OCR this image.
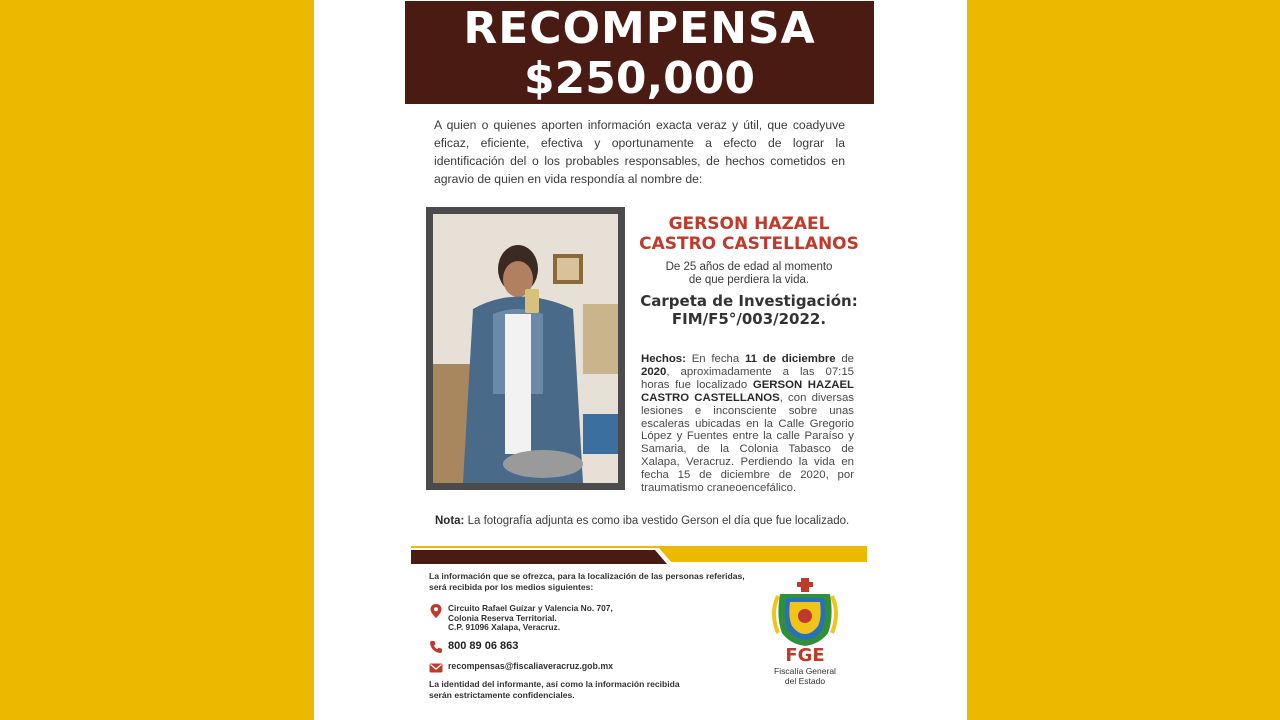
RECOMPENSA
$250,000
A quien o quienes aporten información exacta veraz y útil, que coadyuve eficaz, eficiente, efectiva y oportunamente a efecto de lograr la identificación del o los probables responsables, de hechos cometidos en agravio de quien en vida respondía al nombre de:
GERSON HAZAEL
CASTRO CASTELLANOS
De 25 años de edad al momento
de que perdiera la vida.
Carpeta de Investigación:
FIM/F5°/003/2022.
Hechos: En fecha 11 de diciembre de 2020, aproximadamente a las 07:15 horas fue localizado GERSON HAZAEL CASTRO CASTELLANOS, con diversas lesiones e inconsciente sobre unas escaleras ubicadas en la Calle Gregorio López y Fuentes entre la calle Paraíso y Samaria, de la Colonia Tabasco de Xalapa, Veracruz. Perdiendo la vida en fecha 15 de diciembre de 2020, por traumatismo craneoencefálico.
Nota: La fotografía adjunta es como iba vestido Gerson el día que fue localizado.
La información que se ofrezca, para la localización de las personas referidas,
será recibida por los medios siguientes:
Circuito Rafael Guízar y Valencia No. 707,
Colonia Reserva Territorial.
C.P. 91096 Xalapa, Veracruz.
800 89 06 863
recompensas@fiscaliaveracruz.gob.mx
La identidad del informante, así como la información recibida
serán estrictamente confidenciales.
FGE
Fiscalía General
del Estado
